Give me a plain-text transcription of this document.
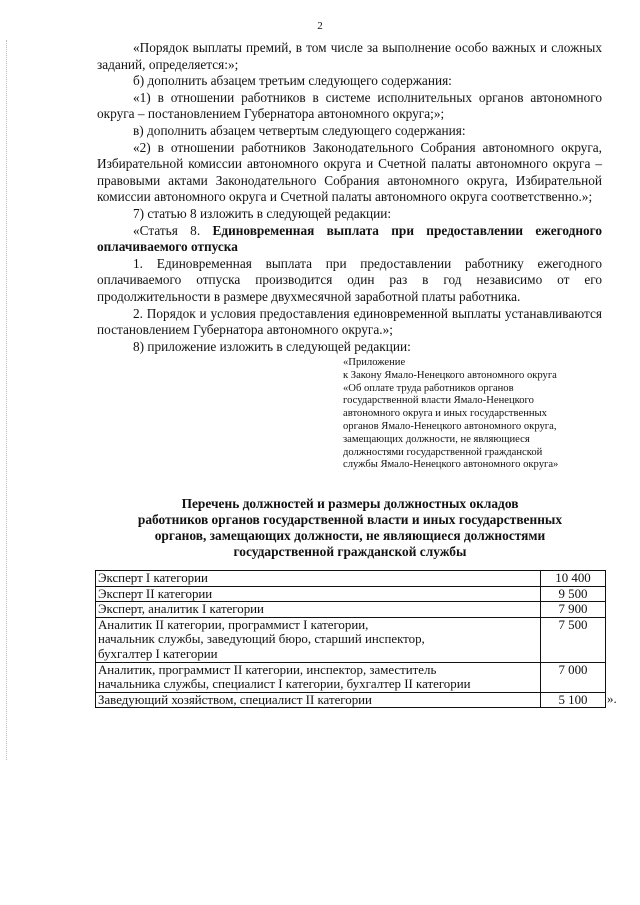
2

«Порядок выплаты премий, в том числе за выполнение особо важных и сложных заданий, определяется:»;

б) дополнить абзацем третьим следующего содержания:

«1) в отношении работников в системе исполнительных органов автономного округа – постановлением Губернатора автономного округа;»;

в) дополнить абзацем четвертым следующего содержания:

«2) в отношении работников Законодательного Собрания автономного округа, Избирательной комиссии автономного округа и Счетной палаты автономного округа – правовыми актами Законодательного Собрания автономного округа, Избирательной комиссии автономного округа и Счетной палаты автономного округа соответственно.»;

7) статью 8 изложить в следующей редакции:

«Статья 8. Единовременная выплата при предоставлении ежегодного оплачиваемого отпуска

1. Единовременная выплата при предоставлении работнику ежегодного оплачиваемого отпуска производится один раз в год независимо от его продолжительности в размере двухмесячной заработной платы работника.

2. Порядок и условия предоставления единовременной выплаты устанавливаются постановлением Губернатора автономного округа.»;

8) приложение изложить в следующей редакции:

«Приложение
к Закону Ямало-Ненецкого автономного округа
«Об оплате труда работников органов
государственной власти Ямало-Ненецкого
автономного округа и иных государственных
органов Ямало-Ненецкого автономного округа,
замещающих должности, не являющиеся
должностями государственной гражданской
службы Ямало-Ненецкого автономного округа»
Перечень должностей и размеры должностных окладов
работников органов государственной власти и иных государственных
органов, замещающих должности, не являющиеся должностями
государственной гражданской службы
Эксперт I категории	10 400

Эксперт II категории	9 500

Эксперт, аналитик I категории	7 900

Аналитик II категории, программист I категории,
начальник службы, заведующий бюро, старший инспектор,
бухгалтер I категории	7 500

Аналитик, программист II категории, инспектор, заместитель
начальника службы, специалист I категории, бухгалтер II категории	7 000

Заведующий хозяйством, специалист II категории	5 100 ».
